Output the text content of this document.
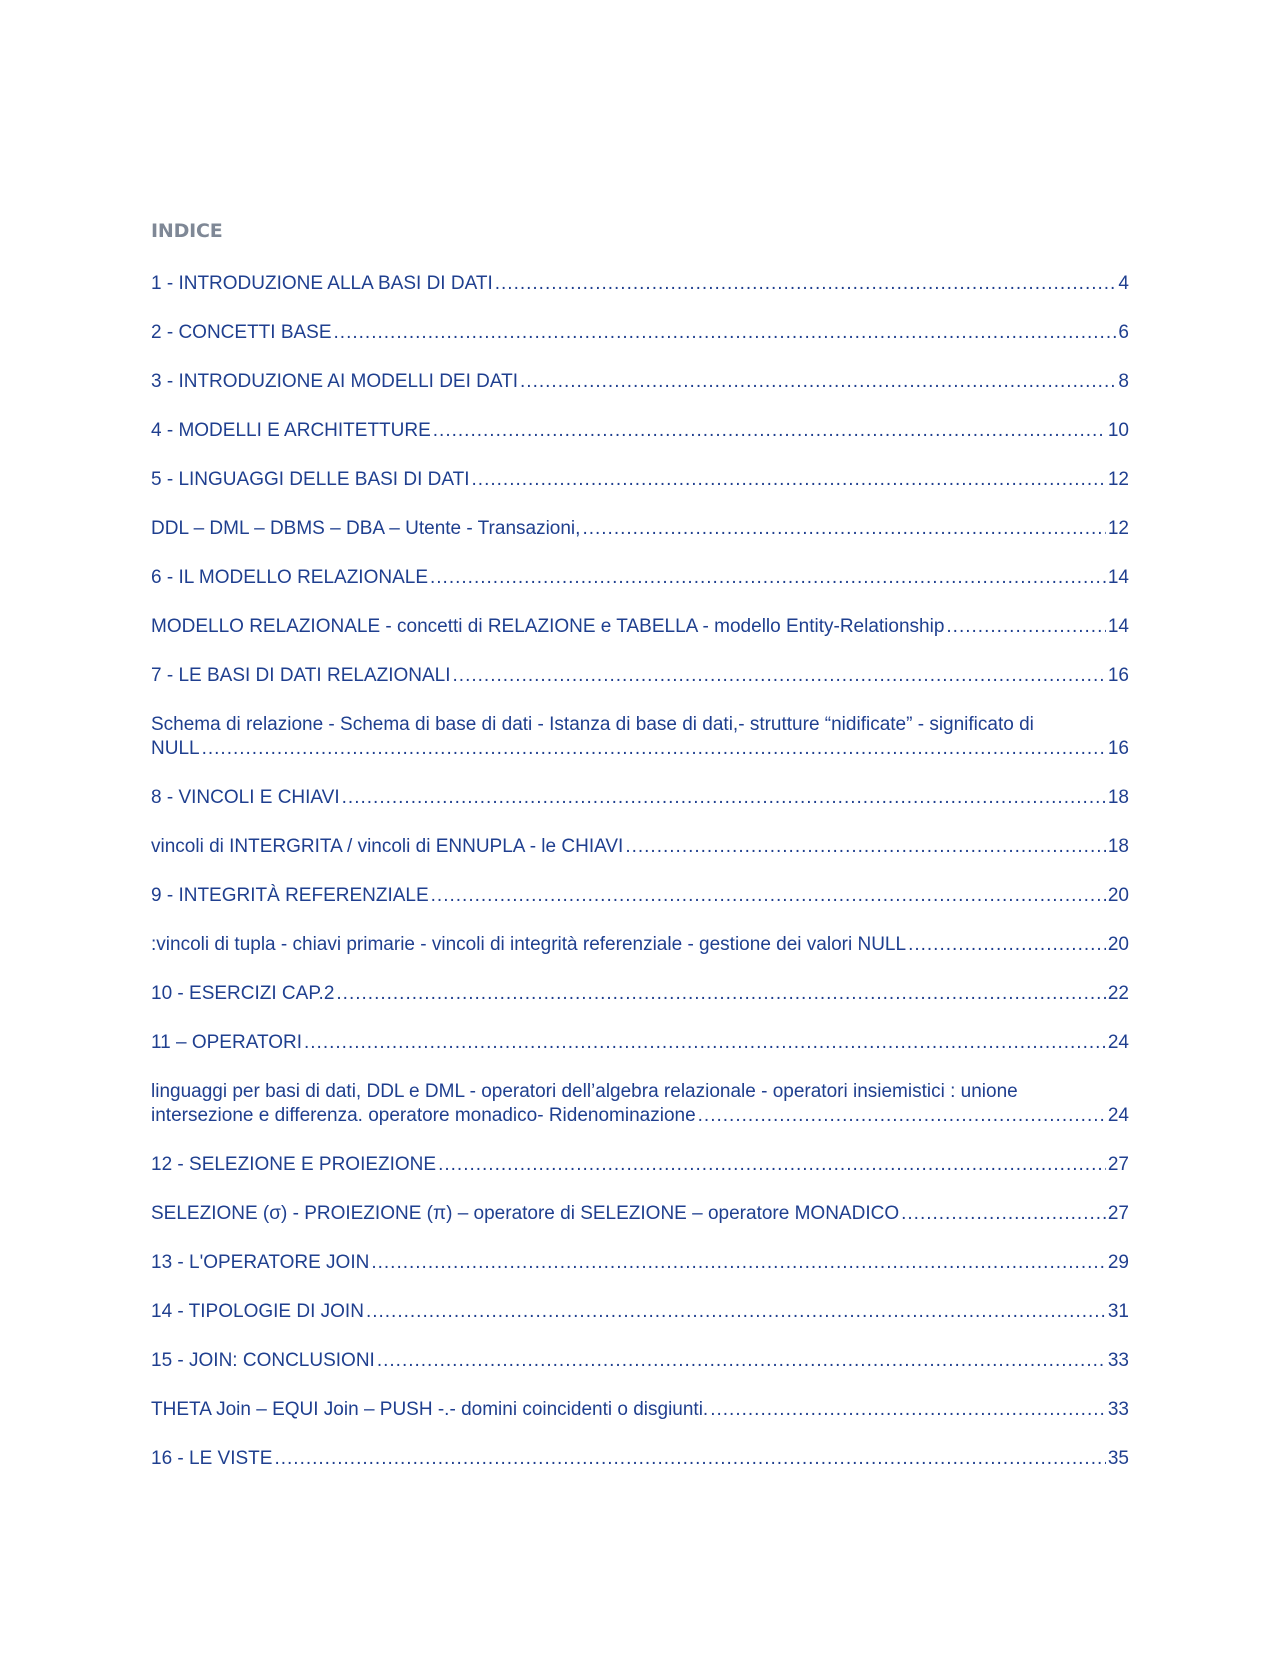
INDICE
1 - INTRODUZIONE ALLA BASI DI DATI .....	4
2 - CONCETTI BASE .....	6
3 - INTRODUZIONE AI MODELLI DEI DATI .....	8
4 - MODELLI E ARCHITETTURE .....	10
5 - LINGUAGGI DELLE BASI DI DATI .....	12
DDL – DML – DBMS – DBA – Utente - Transazioni, .....	12
6 - IL MODELLO RELAZIONALE .....	14
MODELLO RELAZIONALE - concetti di RELAZIONE e TABELLA - modello Entity-Relationship .....	14
7 - LE BASI DI DATI RELAZIONALI .....	16
Schema di relazione - Schema di base di dati - Istanza di base di dati,- strutture “nidificate” - significato di
NULL .....	16
8 - VINCOLI E CHIAVI .....	18
vincoli di INTERGRITA / vincoli di ENNUPLA - le CHIAVI .....	18
9 - INTEGRITÀ REFERENZIALE .....	20
:vincoli di tupla - chiavi primarie - vincoli di integrità referenziale - gestione dei valori NULL .....	20
10 - ESERCIZI CAP.2 .....	22
11 – OPERATORI .....	24
linguaggi per basi di dati, DDL e DML - operatori dell’algebra relazionale - operatori insiemistici : unione
intersezione e differenza. operatore monadico- Ridenominazione .....	24
12 - SELEZIONE E PROIEZIONE .....	27
SELEZIONE (σ) - PROIEZIONE (π) – operatore di SELEZIONE – operatore MONADICO .....	27
13 - L'OPERATORE JOIN .....	29
14 - TIPOLOGIE DI JOIN .....	31
15 - JOIN: CONCLUSIONI .....	33
THETA Join – EQUI Join – PUSH -.- domini coincidenti o disgiunti. .....	33
16 - LE VISTE .....	35
